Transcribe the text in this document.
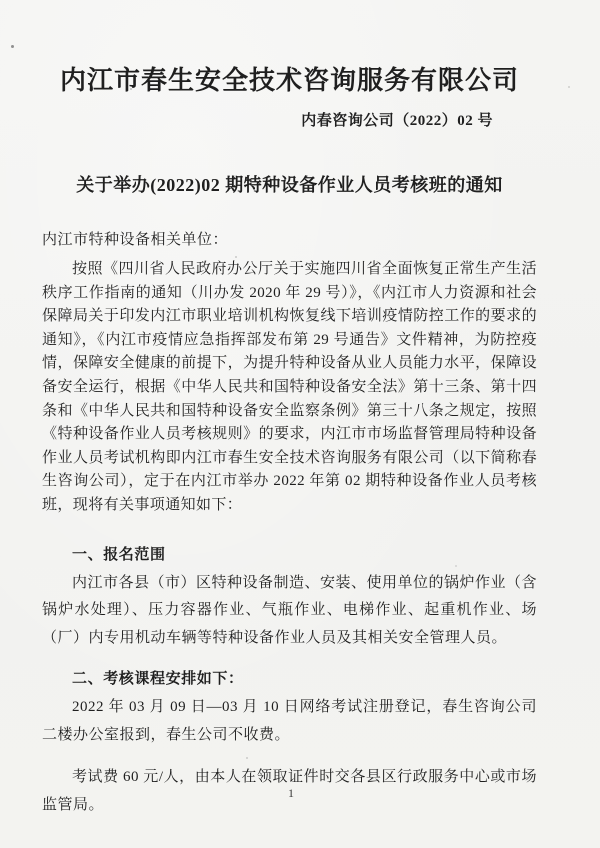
内江市春生安全技术咨询服务有限公司
内春咨询公司（2022）02 号
关于举办(2022)02 期特种设备作业人员考核班的通知
内江市特种设备相关单位：

按照《四川省人民政府办公厅关于实施四川省全面恢复正常生产生活秩序工作指南的通知（川办发 2020 年 29 号）》，《内江市人力资源和社会保障局关于印发内江市职业培训机构恢复线下培训疫情防控工作的要求的通知》，《内江市疫情应急指挥部发布第 29 号通告》文件精神，为防控疫情，保障安全健康的前提下，为提升特种设备从业人员能力水平，保障设备安全运行，根据《中华人民共和国特种设备安全法》第十三条、第十四条和《中华人民共和国特种设备安全监察条例》第三十八条之规定，按照《特种设备作业人员考核规则》的要求，内江市市场监督管理局特种设备作业人员考试机构即内江市春生安全技术咨询服务有限公司（以下简称春生咨询公司），定于在内江市举办 2022 年第 02 期特种设备作业人员考核班，现将有关事项通知如下：

一、报名范围

内江市各县（市）区特种设备制造、安装、使用单位的锅炉作业（含锅炉水处理）、压力容器作业、气瓶作业、电梯作业、起重机作业、场（厂）内专用机动车辆等特种设备作业人员及其相关安全管理人员。

二、考核课程安排如下：

2022 年 03 月 09 日—03 月 10 日网络考试注册登记，春生咨询公司二楼办公室报到，春生公司不收费。

考试费 60 元/人，由本人在领取证件时交各县区行政服务中心或市场监管局。

1
